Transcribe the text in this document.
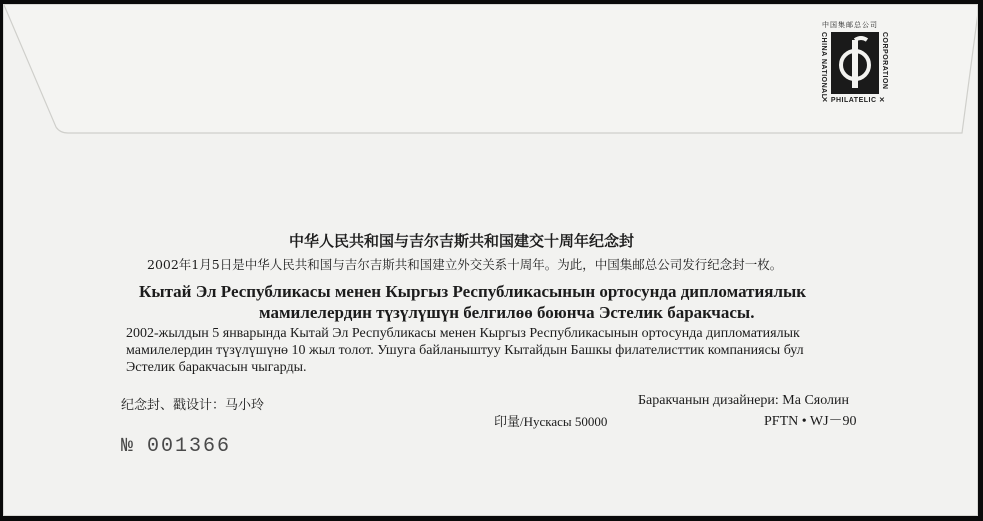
中国集邮总公司
CHINA NATIONAL	CORPORATION
✕ PHILATELIC ✕
中华人民共和国与吉尔吉斯共和国建交十周年纪念封
2002年1月5日是中华人民共和国与吉尔吉斯共和国建立外交关系十周年。为此，中国集邮总公司发行纪念封一枚。
Кытай Эл Республикасы менен Кыргыз Республикасынын ортосунда дипломатиялык
мамилелердин түзүлүшүн белгилөө боюнча Эстелик баракчасы.
2002-жылдын 5 январында Кытай Эл Республикасы менен Кыргыз Республикасынын ортосунда дипломатиялык
мамилелердин түзүлүшүнө 10 жыл толот. Ушуга байланыштуу Кытайдын Башкы филателисттик компаниясы бул
Эстелик баракчасын чыгарды.
纪念封、戳设计：马小玲	Баракчанын дизайнери: Ма Сяолин
印量/Нускасы 50000	PFTN • WJ－90
№ 001366
